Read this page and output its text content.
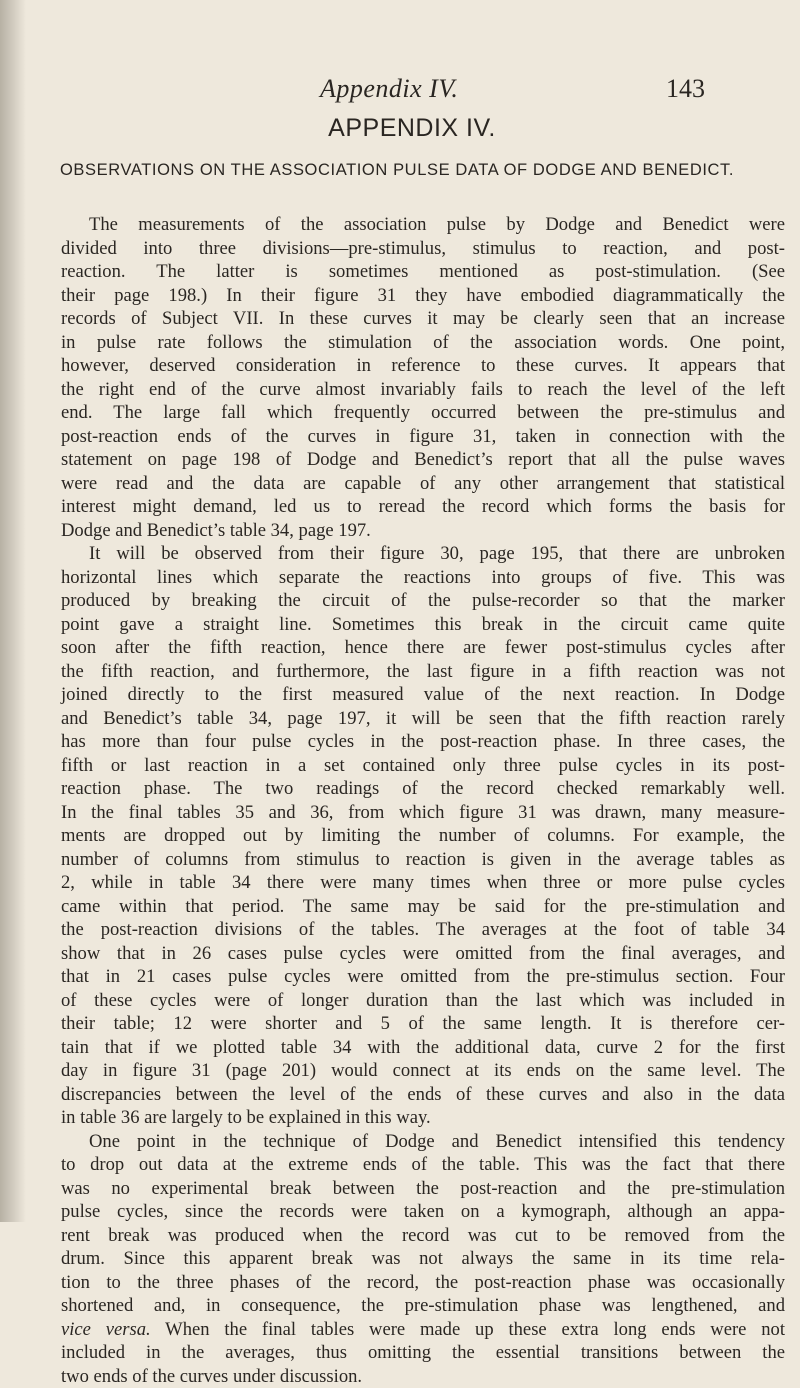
Appendix IV.	143
APPENDIX IV.
OBSERVATIONS ON THE ASSOCIATION PULSE DATA OF DODGE AND BENEDICT.
The measurements of the association pulse by Dodge and Benedict were
divided into three divisions—pre-stimulus, stimulus to reaction, and post-
reaction. The latter is sometimes mentioned as post-stimulation. (See
their page 198.) In their figure 31 they have embodied diagrammatically the
records of Subject VII. In these curves it may be clearly seen that an increase
in pulse rate follows the stimulation of the association words. One point,
however, deserved consideration in reference to these curves. It appears that
the right end of the curve almost invariably fails to reach the level of the left
end. The large fall which frequently occurred between the pre-stimulus and
post-reaction ends of the curves in figure 31, taken in connection with the
statement on page 198 of Dodge and Benedict’s report that all the pulse waves
were read and the data are capable of any other arrangement that statistical
interest might demand, led us to reread the record which forms the basis for
Dodge and Benedict’s table 34, page 197.
It will be observed from their figure 30, page 195, that there are unbroken
horizontal lines which separate the reactions into groups of five. This was
produced by breaking the circuit of the pulse-recorder so that the marker
point gave a straight line. Sometimes this break in the circuit came quite
soon after the fifth reaction, hence there are fewer post-stimulus cycles after
the fifth reaction, and furthermore, the last figure in a fifth reaction was not
joined directly to the first measured value of the next reaction. In Dodge
and Benedict’s table 34, page 197, it will be seen that the fifth reaction rarely
has more than four pulse cycles in the post-reaction phase. In three cases, the
fifth or last reaction in a set contained only three pulse cycles in its post-
reaction phase. The two readings of the record checked remarkably well.
In the final tables 35 and 36, from which figure 31 was drawn, many measure-
ments are dropped out by limiting the number of columns. For example, the
number of columns from stimulus to reaction is given in the average tables as
2, while in table 34 there were many times when three or more pulse cycles
came within that period. The same may be said for the pre-stimulation and
the post-reaction divisions of the tables. The averages at the foot of table 34
show that in 26 cases pulse cycles were omitted from the final averages, and
that in 21 cases pulse cycles were omitted from the pre-stimulus section. Four
of these cycles were of longer duration than the last which was included in
their table; 12 were shorter and 5 of the same length. It is therefore cer-
tain that if we plotted table 34 with the additional data, curve 2 for the first
day in figure 31 (page 201) would connect at its ends on the same level. The
discrepancies between the level of the ends of these curves and also in the data
in table 36 are largely to be explained in this way.
One point in the technique of Dodge and Benedict intensified this tendency
to drop out data at the extreme ends of the table. This was the fact that there
was no experimental break between the post-reaction and the pre-stimulation
pulse cycles, since the records were taken on a kymograph, although an appa-
rent break was produced when the record was cut to be removed from the
drum. Since this apparent break was not always the same in its time rela-
tion to the three phases of the record, the post-reaction phase was occasionally
shortened and, in consequence, the pre-stimulation phase was lengthened, and
vice versa. When the final tables were made up these extra long ends were not
included in the averages, thus omitting the essential transitions between the
two ends of the curves under discussion.
